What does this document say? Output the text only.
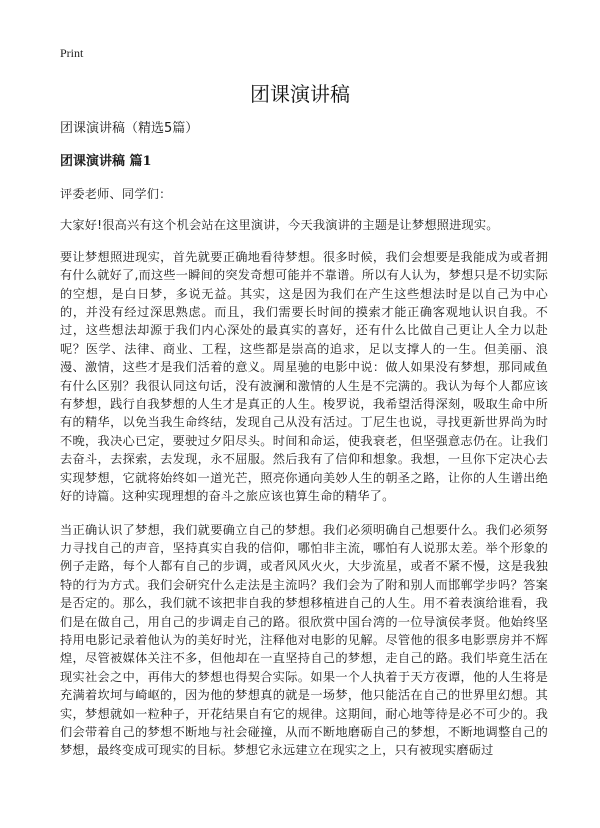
Print
团课演讲稿

团课演讲稿（精选5篇）

团课演讲稿 篇1

评委老师、同学们：

大家好!很高兴有这个机会站在这里演讲，今天我演讲的主题是让梦想照进现实。

要让梦想照进现实，首先就要正确地看待梦想。很多时候，我们会想要是我能成为或者拥有什么就好了,而这些一瞬间的突发奇想可能并不靠谱。所以有人认为，梦想只是不切实际的空想，是白日梦，多说无益。其实，这是因为我们在产生这些想法时是以自己为中心的，并没有经过深思熟虑。而且，我们需要长时间的摸索才能正确客观地认识自我。不过，这些想法却源于我们内心深处的最真实的喜好，还有什么比做自己更让人全力以赴呢？医学、法律、商业、工程，这些都是崇高的追求，足以支撑人的一生。但美丽、浪漫、激情，这些才是我们活着的意义。周星驰的电影中说：做人如果没有梦想，那同咸鱼有什么区别？我很认同这句话，没有波澜和激情的人生是不完满的。我认为每个人都应该有梦想，践行自我梦想的人生才是真正的人生。梭罗说，我希望活得深刻，吸取生命中所有的精华，以免当我生命终结，发现自己从没有活过。丁尼生也说，寻找更新世界尚为时不晚，我决心已定，要驶过夕阳尽头。时间和命运，使我衰老，但坚强意志仍在。让我们去奋斗，去探索，去发现，永不屈服。然后我有了信仰和想象。我想，一旦你下定决心去实现梦想，它就将始终如一道光芒，照亮你通向美妙人生的朝圣之路，让你的人生谱出绝好的诗篇。这种实现理想的奋斗之旅应该也算生命的精华了。

当正确认识了梦想，我们就要确立自己的梦想。我们必须明确自己想要什么。我们必须努力寻找自己的声音，坚持真实自我的信仰，哪怕非主流，哪怕有人说那太差。举个形象的例子走路，每个人都有自己的步调，或者风风火火，大步流星，或者不紧不慢，这是我独特的行为方式。我们会研究什么走法是主流吗？我们会为了附和别人而邯郸学步吗？答案是否定的。那么，我们就不该把非自我的梦想移植进自己的人生。用不着表演给谁看，我们是在做自己，用自己的步调走自己的路。很欣赏中国台湾的一位导演侯孝贤。他始终坚持用电影记录着他认为的美好时光，注释他对电影的见解。尽管他的很多电影票房并不辉煌，尽管被媒体关注不多，但他却在一直坚持自己的梦想，走自己的路。我们毕竟生活在现实社会之中，再伟大的梦想也得契合实际。如果一个人执着于天方夜谭，他的人生将是充满着坎坷与崎岖的，因为他的梦想真的就是一场梦，他只能活在自己的世界里幻想。其实，梦想就如一粒种子，开花结果自有它的规律。这期间，耐心地等待是必不可少的。我们会带着自己的梦想不断地与社会碰撞，从而不断地磨砺自己的梦想，不断地调整自己的梦想，最终变成可现实的目标。梦想它永远建立在现实之上，只有被现实磨砺过
